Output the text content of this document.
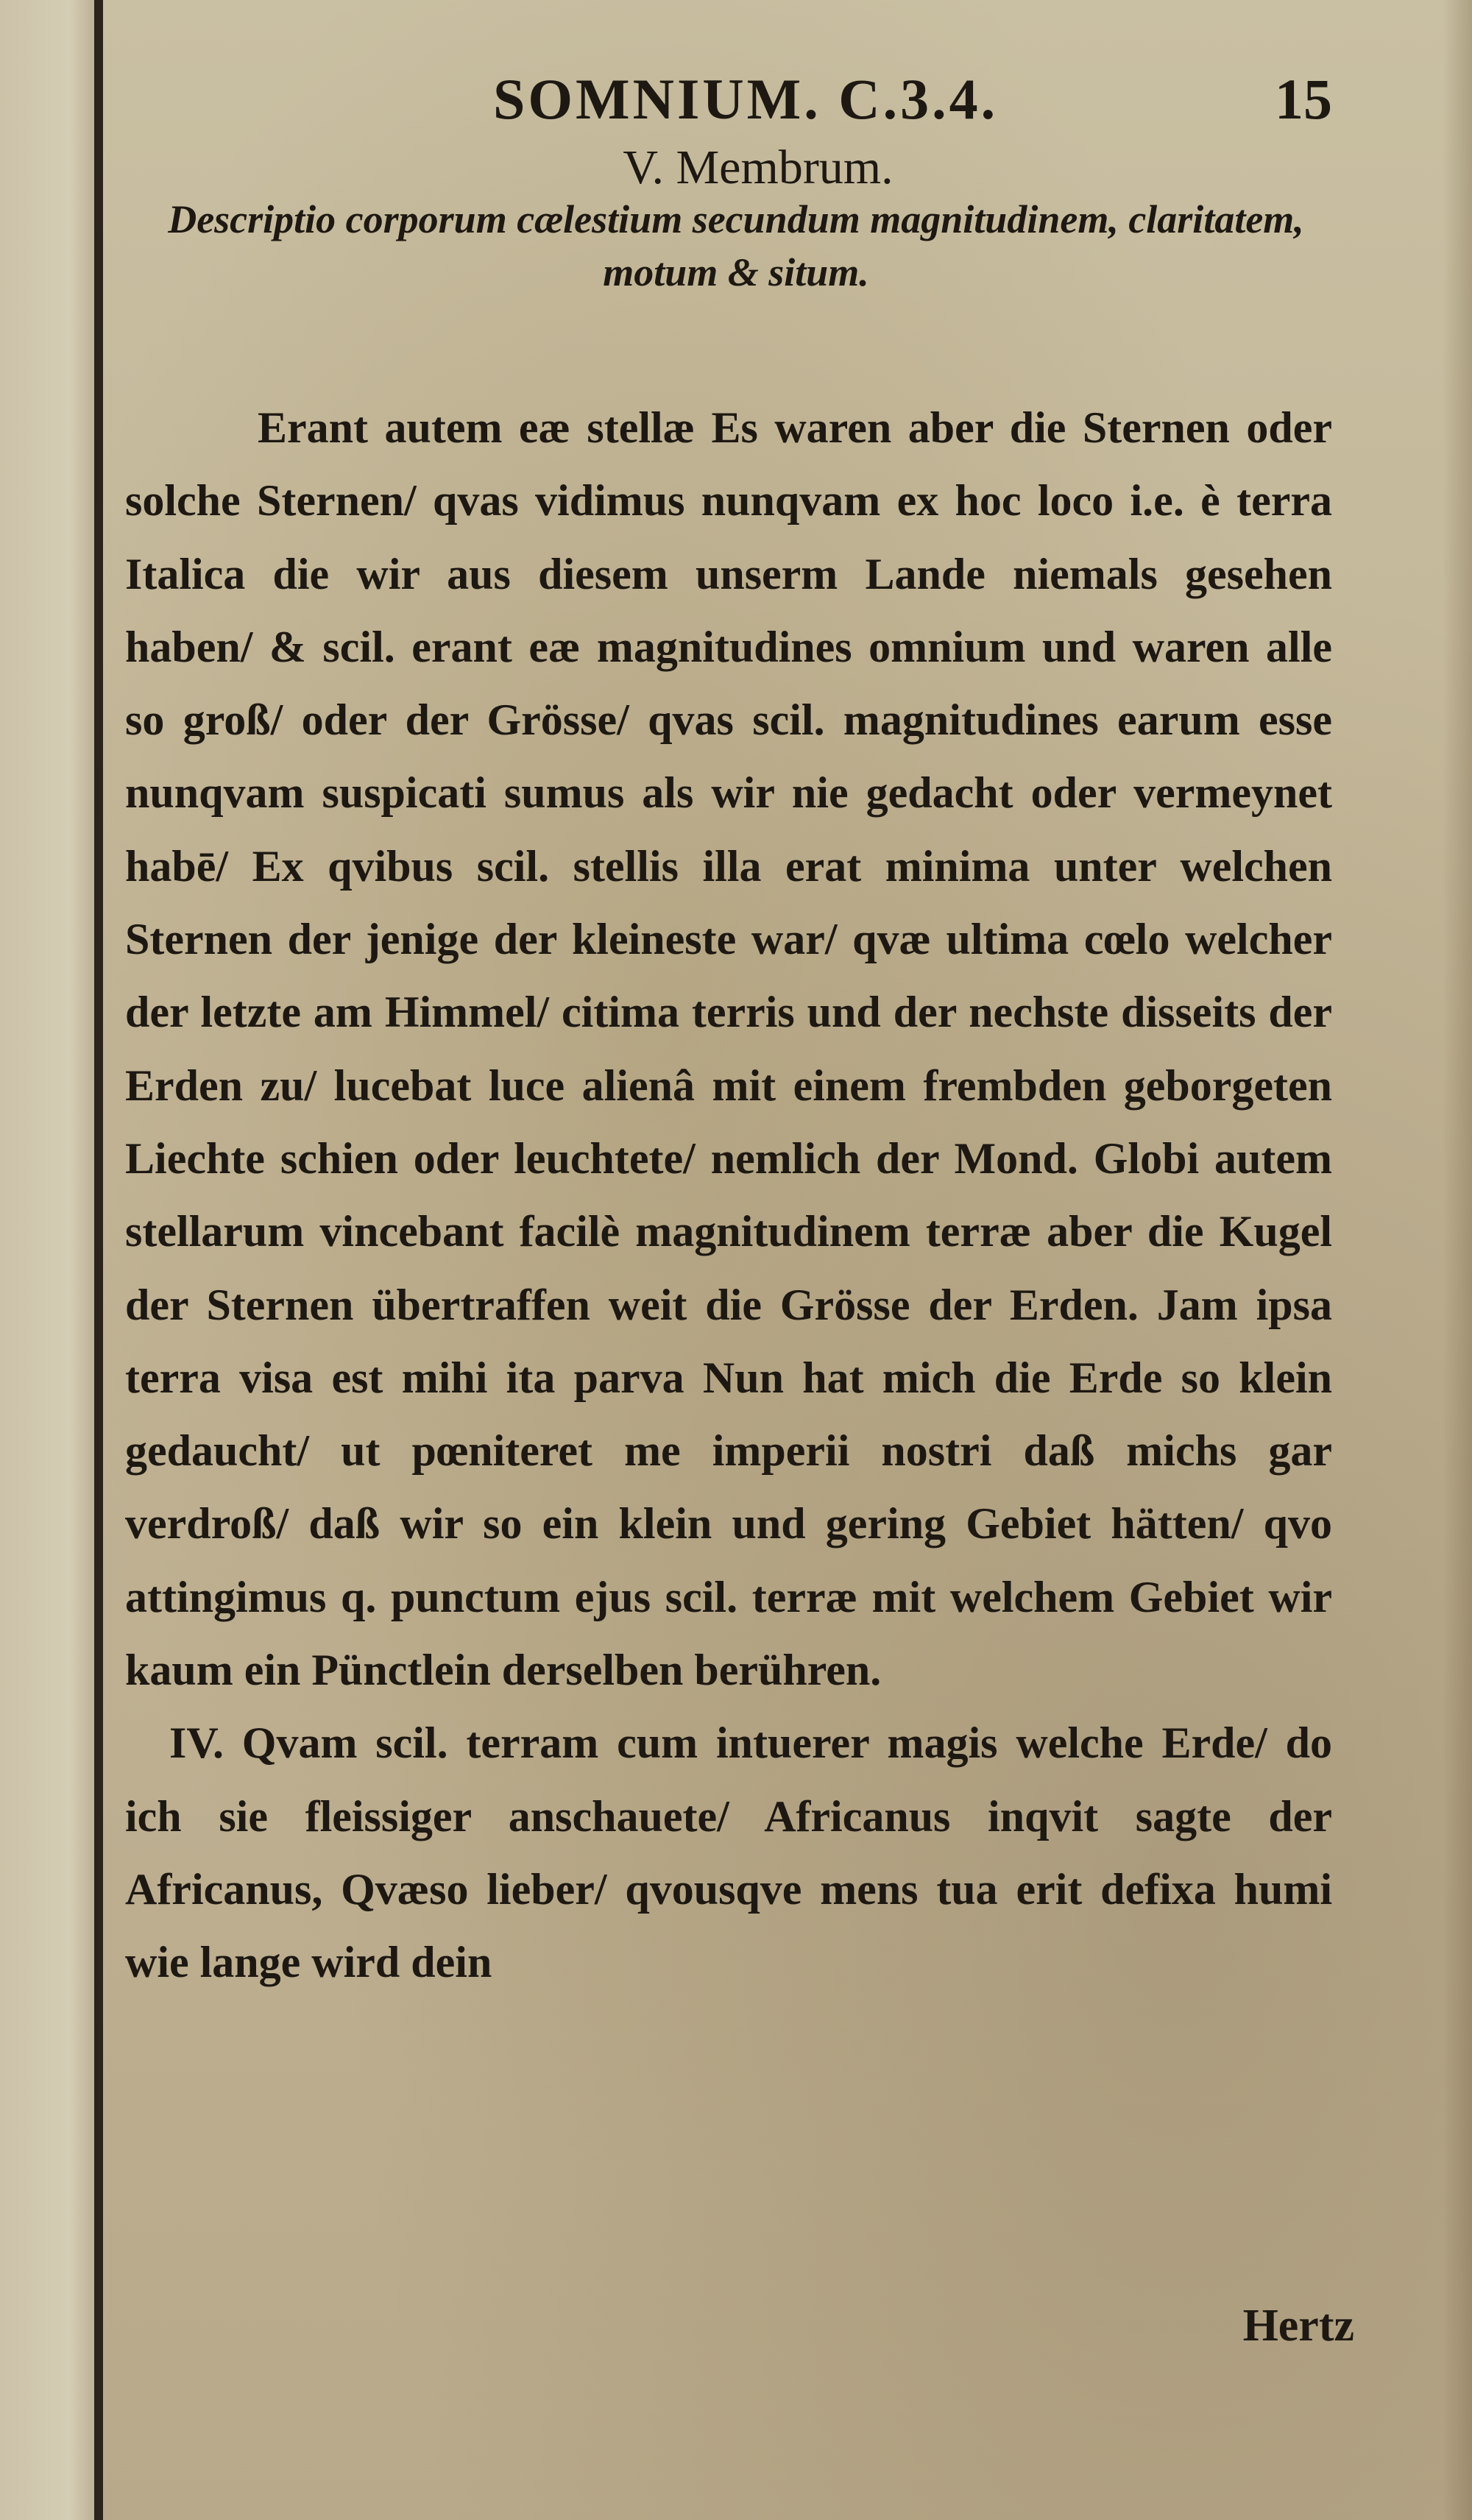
SOMNIUM. C.3.4.	15
V. Membrum.
Descriptio corporum cælestium secundum magnitudinem, claritatem, motum & situm.

Erant autem eæ stellæ Es waren aber die Sternen oder solche Sternen/ qvas vidimus nunqvam ex hoc loco i.e. è terra Italica die wir aus diesem unserm Lande niemals gesehen haben/ & scil. erant eæ magnitudines omnium und waren alle so groß/ oder der Grösse/ qvas scil. magnitudines earum esse nunqvam suspicati sumus als wir nie gedacht oder vermeynet habē/ Ex qvibus scil. stellis illa erat minima unter welchen Sternen der jenige der kleineste war/ qvæ ultima cœlo welcher der letzte am Himmel/ citima terris und der nechste disseits der Erden zu/ lucebat luce alienâ mit einem frembden geborgeten Liechte schien oder leuchtete/ nemlich der Mond. Globi autem stellarum vincebant facilè magnitudinem terræ aber die Kugel der Sternen übertraffen weit die Grösse der Erden. Jam ipsa terra visa est mihi ita parva Nun hat mich die Erde so klein gedaucht/ ut pœniteret me imperii nostri daß michs gar verdroß/ daß wir so ein klein und gering Gebiet hätten/ qvo attingimus q. punctum ejus scil. terræ mit welchem Gebiet wir kaum ein Pünctlein derselben berühren.

IV. Qvam scil. terram cum intuerer magis welche Erde/ do ich sie fleissiger anschauete/ Africanus inqvit sagte der Africanus, Qvæso lieber/ qvousqve mens tua erit defixa humi wie lange wird dein

Hertz
